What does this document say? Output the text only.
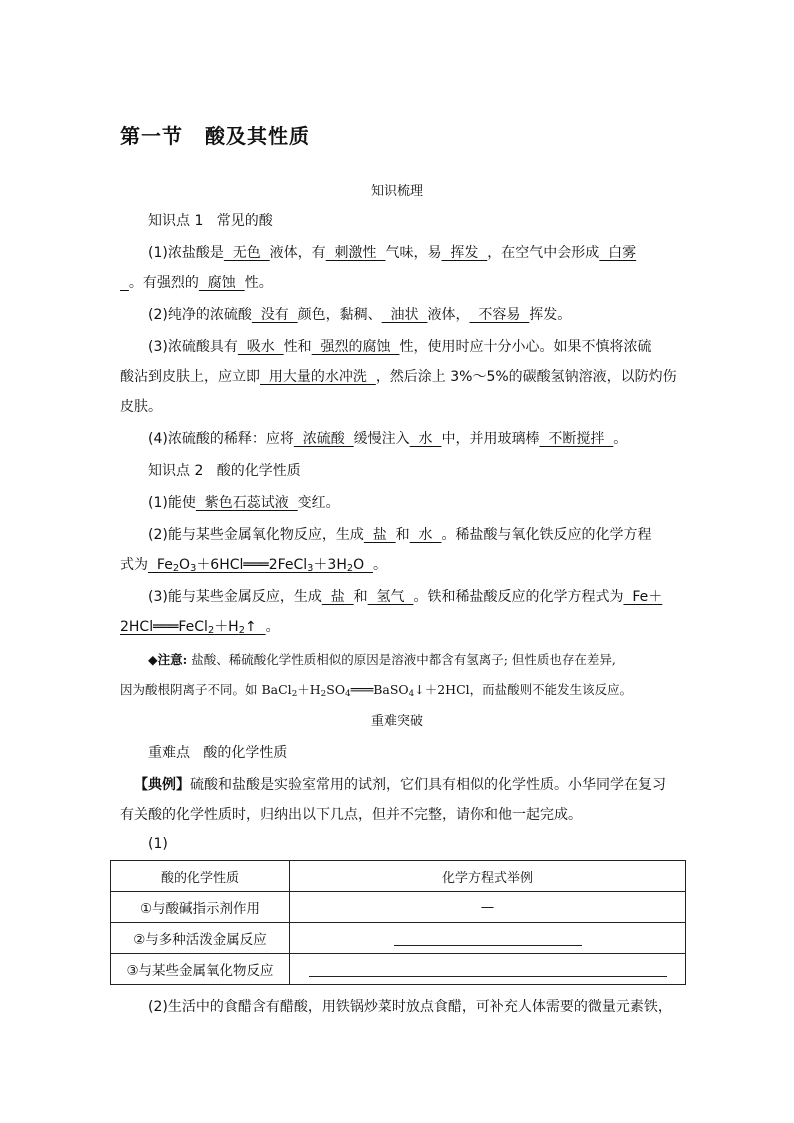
第一节 酸及其性质
知识梳理
知识点 1 常见的酸
(1)浓盐酸是  无色  液体，有  刺激性  气味，易  挥发  ，在空气中会形成  白雾
。有强烈的  腐蚀  性。
(2)纯净的浓硫酸  没有  颜色，黏稠、  油状  液体，  不容易  挥发。
(3)浓硫酸具有  吸水  性和  强烈的腐蚀  性，使用时应十分小心。如果不慎将浓硫
酸沾到皮肤上，应立即  用大量的水冲洗  ，然后涂上 3%～5%的碳酸氢钠溶液，以防灼伤
皮肤。
(4)浓硫酸的稀释：应将  浓硫酸  缓慢注入  水  中，并用玻璃棒  不断搅拌  。
知识点 2 酸的化学性质
(1)能使  紫色石蕊试液  变红。
(2)能与某些金属氧化物反应，生成  盐  和  水  。稀盐酸与氧化铁反应的化学方程
式为  $Fe_2O_3+6HCl═══2FeCl_3+3H_2O$  。
(3)能与某些金属反应，生成  盐  和  氢气  。铁和稀盐酸反应的化学方程式为  Fe＋
$2HCl═══FeCl_2+H_2↑$  。
◆注意: 盐酸、稀硫酸化学性质相似的原因是溶液中都含有氢离子; 但性质也存在差异,
因为酸根阴离子不同。如 $BaCl_2+H_2SO_4═══BaSO_4↓+2HCl$，而盐酸则不能发生该反应。
重难突破
重难点 酸的化学性质
【典例】硫酸和盐酸是实验室常用的试剂，它们具有相似的化学性质。小华同学在复习
有关酸的化学性质时，归纳出以下几点，但并不完整，请你和他一起完成。
(1)
酸的化学性质	化学方程式举例
①与酸碱指示剂作用	—
②与多种活泼金属反应	
③与某些金属氧化物反应	
(2)生活中的食醋含有醋酸，用铁锅炒菜时放点食醋，可补充人体需要的微量元素铁，
